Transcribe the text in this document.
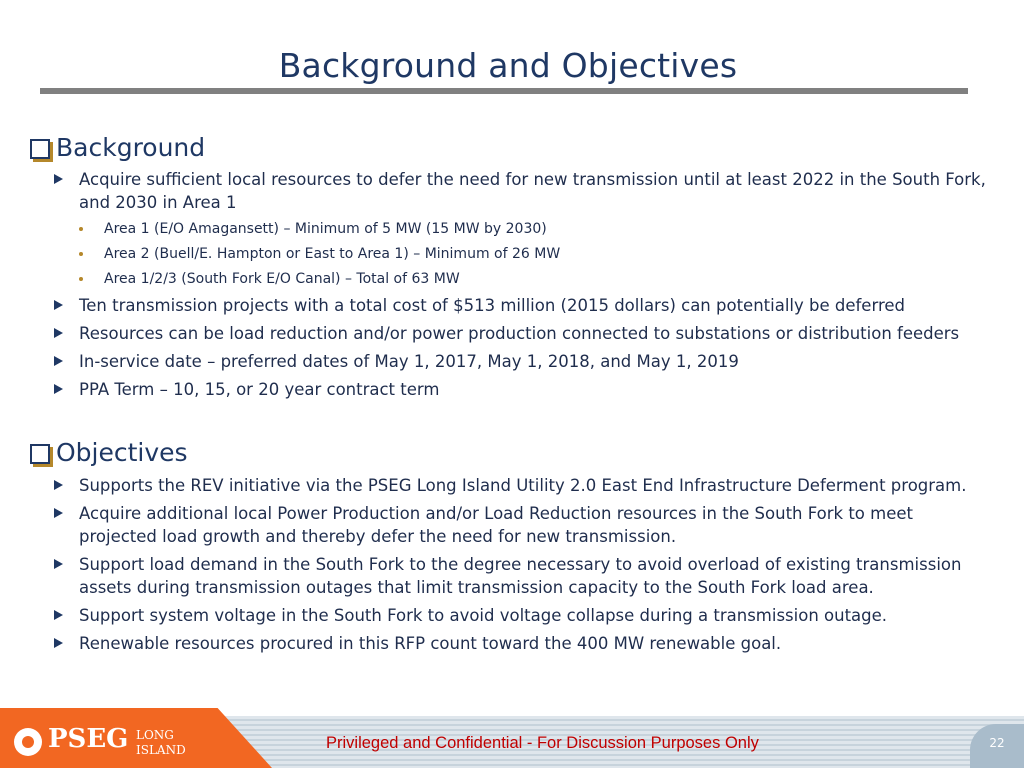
Background and Objectives
Background
Acquire sufficient local resources to defer the need for new transmission until at least 2022 in the South Fork, and 2030 in Area 1
Area 1 (E/O Amagansett) – Minimum of 5 MW (15 MW by 2030)
Area 2 (Buell/E. Hampton or East to Area 1) – Minimum of 26 MW
Area 1/2/3 (South Fork E/O Canal) – Total of 63 MW
Ten transmission projects with a total cost of $513 million (2015 dollars) can potentially be deferred
Resources can be load reduction and/or power production connected to substations or distribution feeders
In-service date – preferred dates of May 1, 2017, May 1, 2018, and May 1, 2019
PPA Term – 10, 15, or 20 year contract term
Objectives
Supports the REV initiative via the PSEG Long Island Utility 2.0 East End Infrastructure Deferment program.
Acquire additional local Power Production and/or Load Reduction resources in the South Fork to meet projected load growth and thereby defer the need for new transmission.
Support load demand in the South Fork to the degree necessary to avoid overload of existing transmission assets during transmission outages that limit transmission capacity to the South Fork load area.
Support system voltage in the South Fork to avoid voltage collapse during a transmission outage.
Renewable resources procured in this RFP count toward the 400 MW renewable goal.
PSEG LONG
ISLAND	Privileged and Confidential - For Discussion Purposes Only	22
